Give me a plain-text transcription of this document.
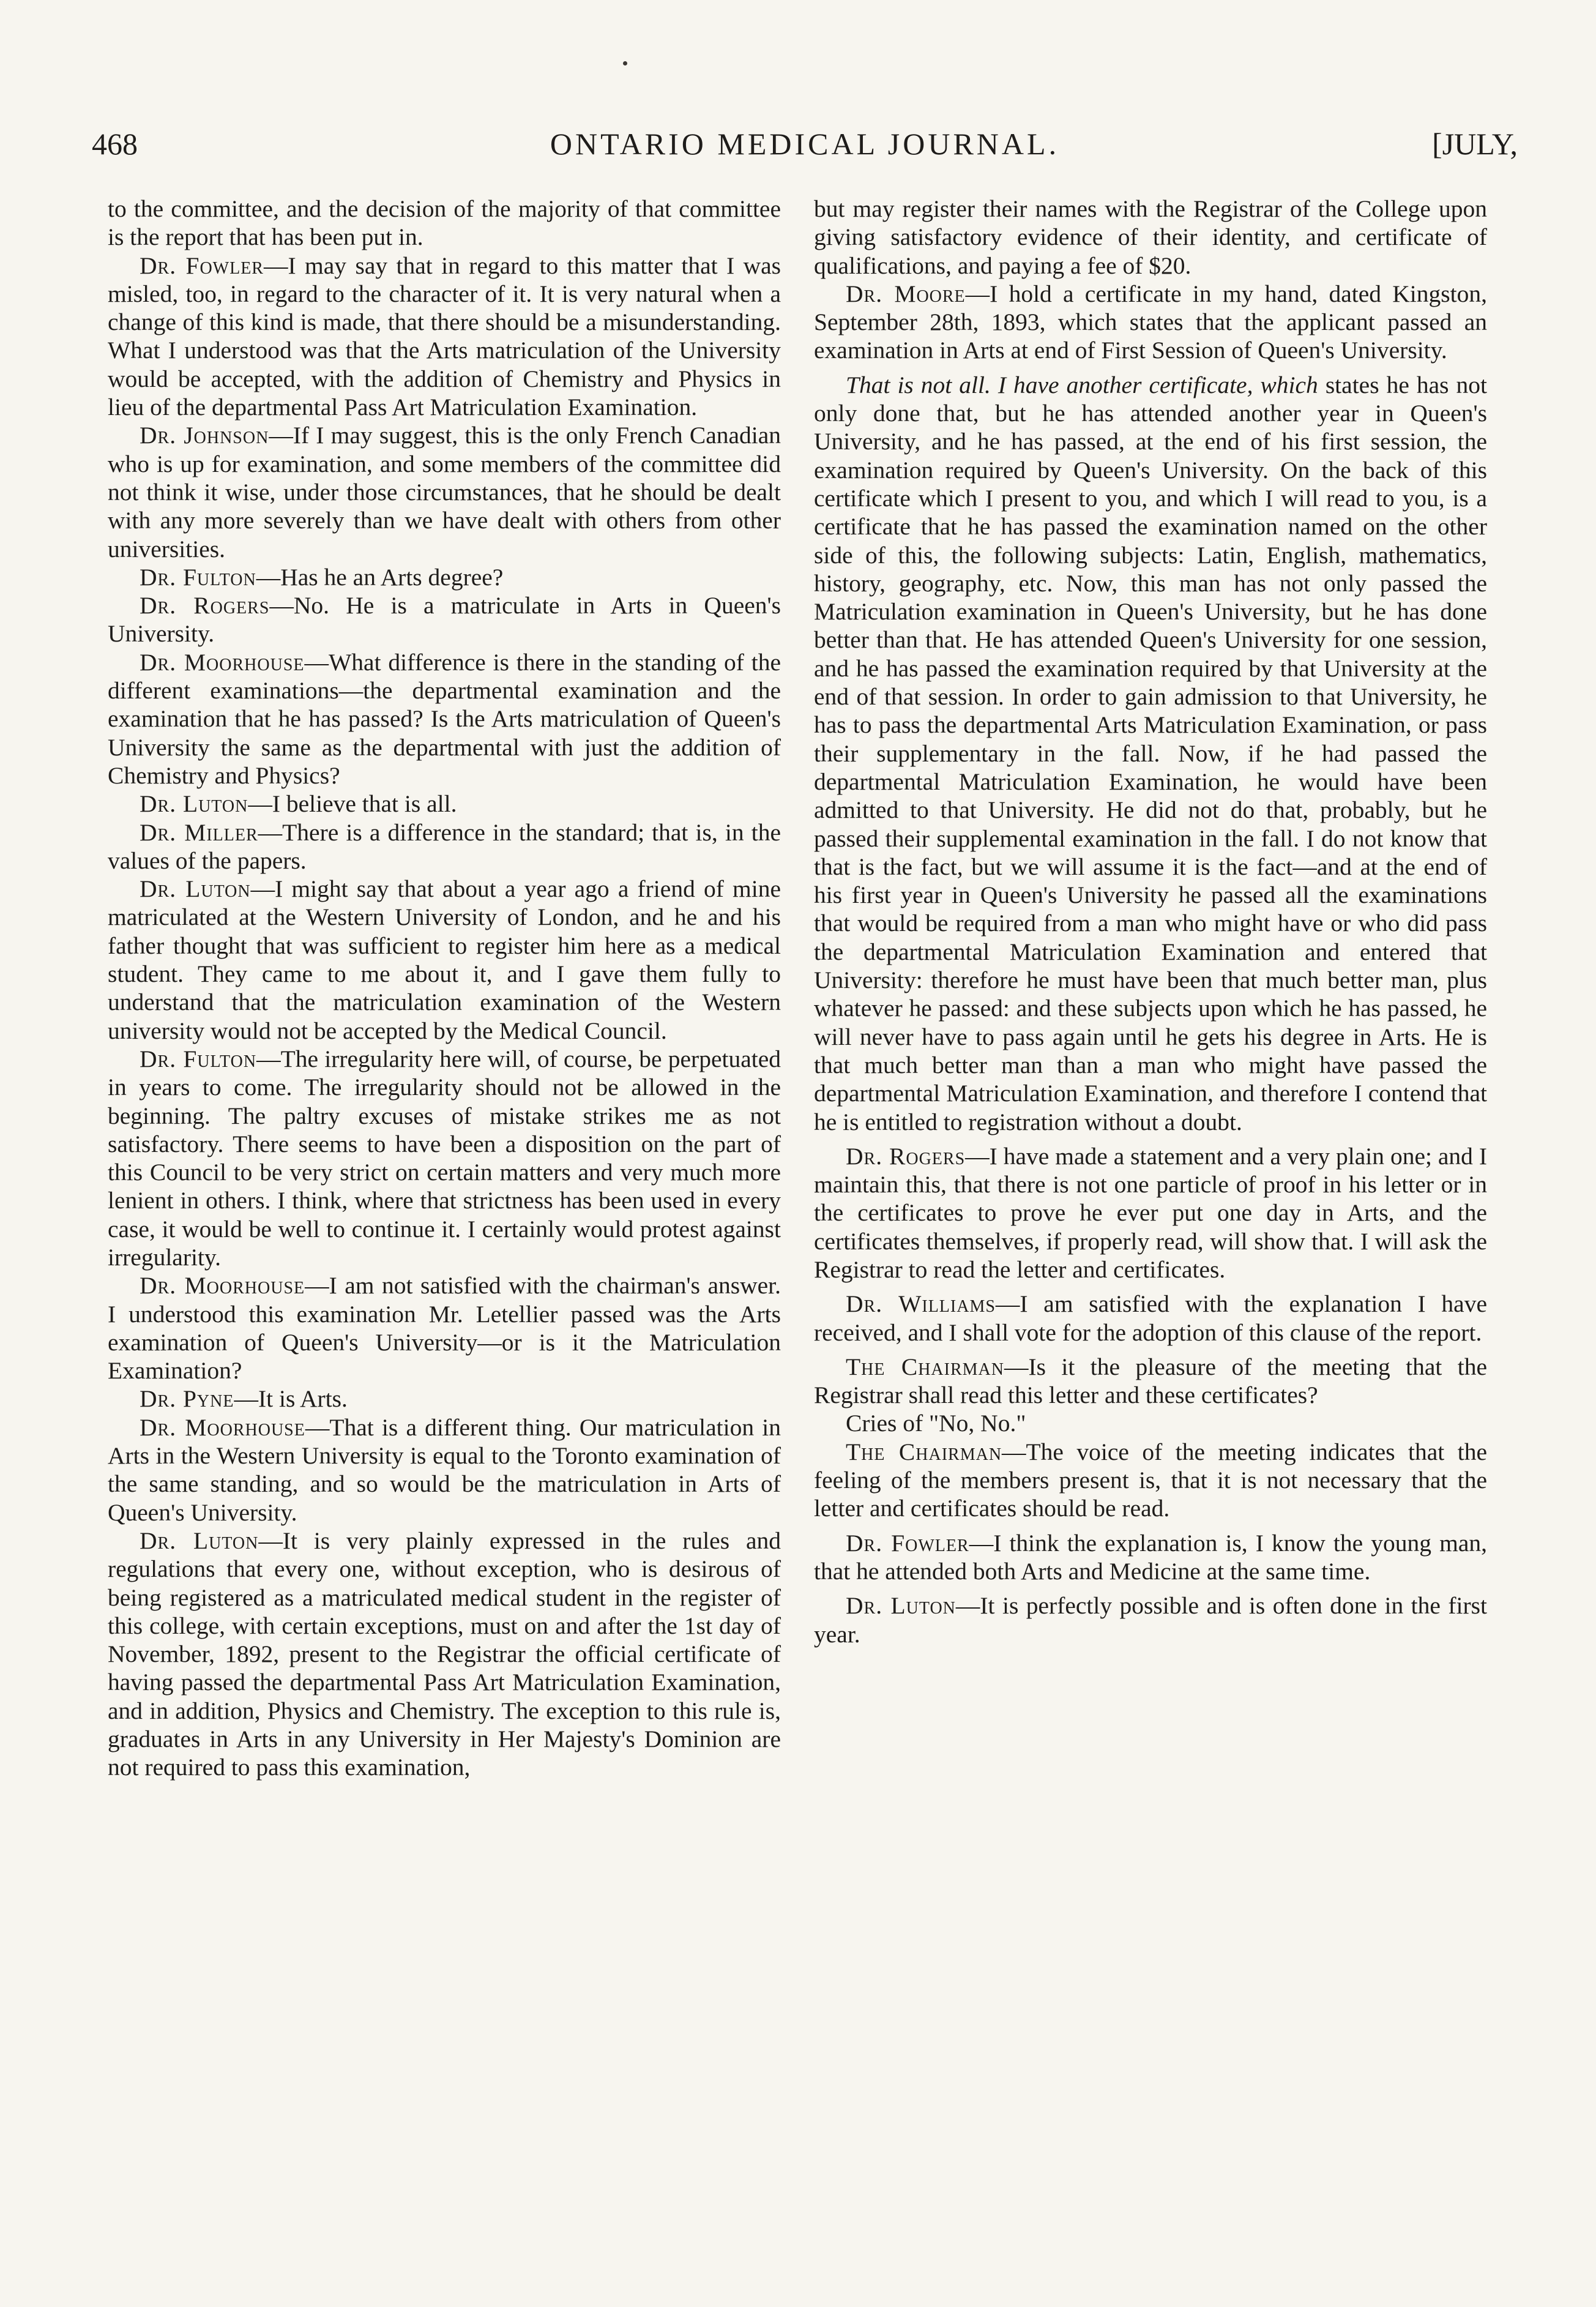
468	ONTARIO MEDICAL JOURNAL.	[JULY,

to the committee, and the decision of the majority of that committee is the report that has been put in.

Dr. Fowler—I may say that in regard to this matter that I was misled, too, in regard to the character of it. It is very natural when a change of this kind is made, that there should be a misunderstanding. What I understood was that the Arts matriculation of the University would be accepted, with the addition of Chemistry and Physics in lieu of the departmental Pass Art Matriculation Examination.

Dr. Johnson—If I may suggest, this is the only French Canadian who is up for examination, and some members of the committee did not think it wise, under those circumstances, that he should be dealt with any more severely than we have dealt with others from other universities.

Dr. Fulton—Has he an Arts degree?

Dr. Rogers—No. He is a matriculate in Arts in Queen's University.

Dr. Moorhouse—What difference is there in the standing of the different examinations—the departmental examination and the examination that he has passed? Is the Arts matriculation of Queen's University the same as the departmental with just the addition of Chemistry and Physics?

Dr. Luton—I believe that is all.

Dr. Miller—There is a difference in the standard; that is, in the values of the papers.

Dr. Luton—I might say that about a year ago a friend of mine matriculated at the Western University of London, and he and his father thought that was sufficient to register him here as a medical student. They came to me about it, and I gave them fully to understand that the matriculation examination of the Western university would not be accepted by the Medical Council.

Dr. Fulton—The irregularity here will, of course, be perpetuated in years to come. The irregularity should not be allowed in the beginning. The paltry excuses of mistake strikes me as not satisfactory. There seems to have been a disposition on the part of this Council to be very strict on certain matters and very much more lenient in others. I think, where that strictness has been used in every case, it would be well to continue it. I certainly would protest against irregularity.

Dr. Moorhouse—I am not satisfied with the chairman's answer. I understood this examination Mr. Letellier passed was the Arts examination of Queen's University—or is it the Matriculation Examination?

Dr. Pyne—It is Arts.

Dr. Moorhouse—That is a different thing. Our matriculation in Arts in the Western University is equal to the Toronto examination of the same standing, and so would be the matriculation in Arts of Queen's University.

Dr. Luton—It is very plainly expressed in the rules and regulations that every one, without exception, who is desirous of being registered as a matriculated medical student in the register of this college, with certain exceptions, must on and after the 1st day of November, 1892, present to the Registrar the official certificate of having passed the departmental Pass Art Matriculation Examination, and in addition, Physics and Chemistry. The exception to this rule is, graduates in Arts in any University in Her Majesty's Dominion are not required to pass this examination,

but may register their names with the Registrar of the College upon giving satisfactory evidence of their identity, and certificate of qualifications, and paying a fee of $20.

Dr. Moore—I hold a certificate in my hand, dated Kingston, September 28th, 1893, which states that the applicant passed an examination in Arts at end of First Session of Queen's University.

That is not all. I have another certificate, which states he has not only done that, but he has attended another year in Queen's University, and he has passed, at the end of his first session, the examination required by Queen's University. On the back of this certificate which I present to you, and which I will read to you, is a certificate that he has passed the examination named on the other side of this, the following subjects: Latin, English, mathematics, history, geography, etc. Now, this man has not only passed the Matriculation examination in Queen's University, but he has done better than that. He has attended Queen's University for one session, and he has passed the examination required by that University at the end of that session. In order to gain admission to that University, he has to pass the departmental Arts Matriculation Examination, or pass their supplementary in the fall. Now, if he had passed the departmental Matriculation Examination, he would have been admitted to that University. He did not do that, probably, but he passed their supplemental examination in the fall. I do not know that that is the fact, but we will assume it is the fact—and at the end of his first year in Queen's University he passed all the examinations that would be required from a man who might have or who did pass the departmental Matriculation Examination and entered that University: therefore he must have been that much better man, plus whatever he passed: and these subjects upon which he has passed, he will never have to pass again until he gets his degree in Arts. He is that much better man than a man who might have passed the departmental Matriculation Examination, and therefore I contend that he is entitled to registration without a doubt.

Dr. Rogers—I have made a statement and a very plain one; and I maintain this, that there is not one particle of proof in his letter or in the certificates to prove he ever put one day in Arts, and the certificates themselves, if properly read, will show that. I will ask the Registrar to read the letter and certificates.

Dr. Williams—I am satisfied with the explanation I have received, and I shall vote for the adoption of this clause of the report.

The Chairman—Is it the pleasure of the meeting that the Registrar shall read this letter and these certificates?

Cries of "No, No."

The Chairman—The voice of the meeting indicates that the feeling of the members present is, that it is not necessary that the letter and certificates should be read.

Dr. Fowler—I think the explanation is, I know the young man, that he attended both Arts and Medicine at the same time.

Dr. Luton—It is perfectly possible and is often done in the first year.
